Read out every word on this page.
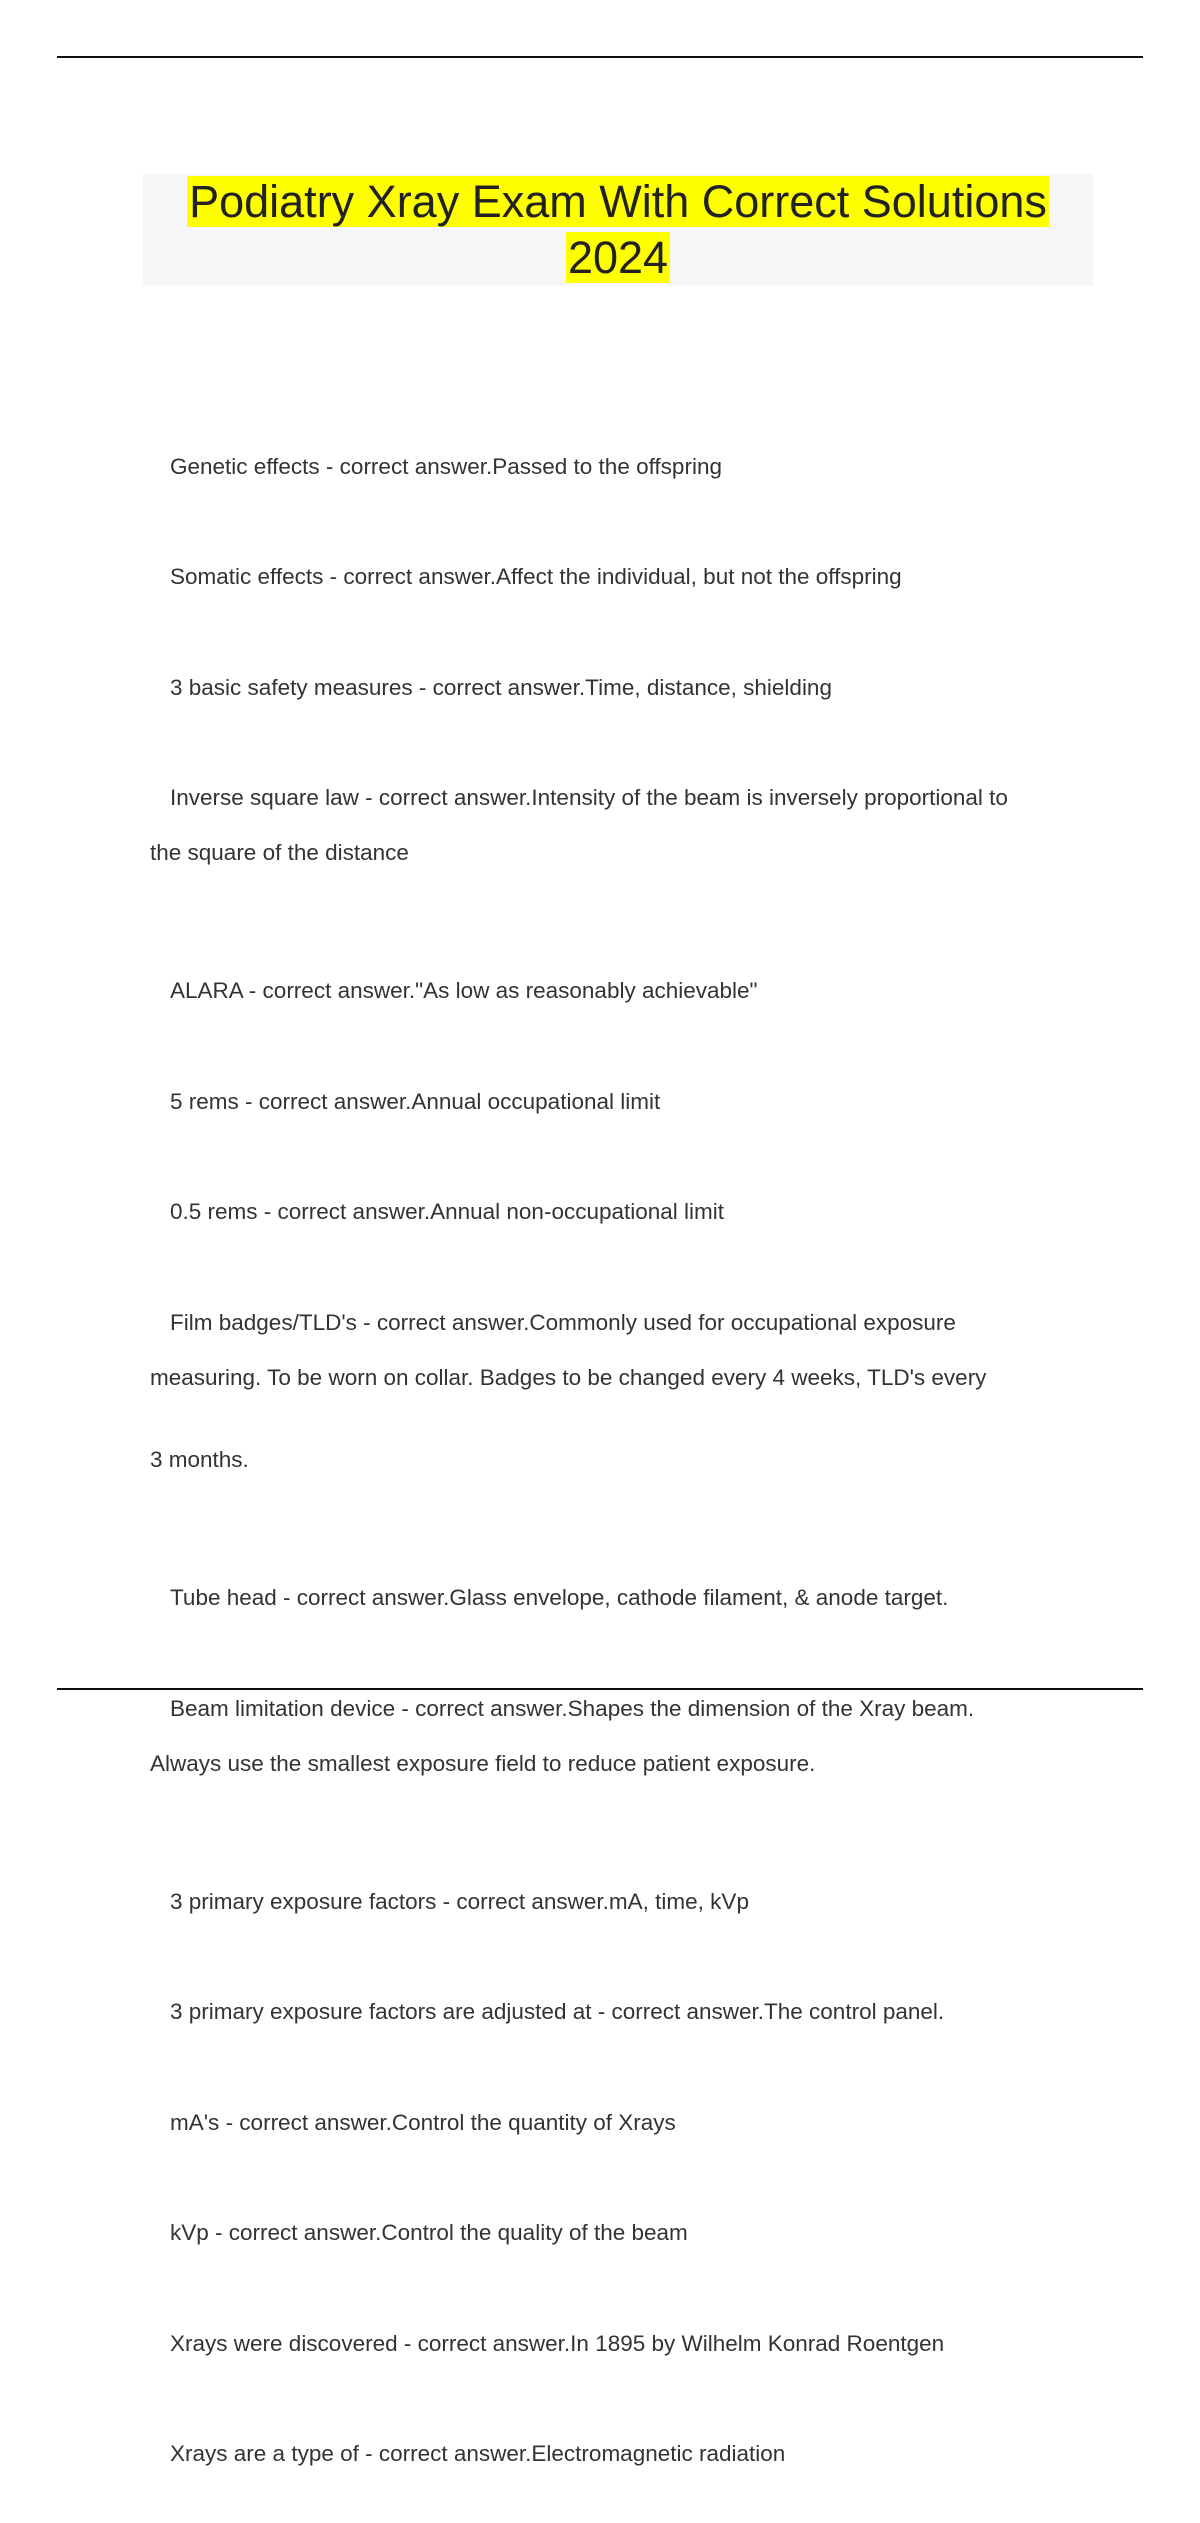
Podiatry Xray Exam With Correct Solutions
2024

Genetic effects - correct answer.Passed to the offspring

Somatic effects - correct answer.Affect the individual, but not the offspring

3 basic safety measures - correct answer.Time, distance, shielding

Inverse square law - correct answer.Intensity of the beam is inversely proportional to

the square of the distance

ALARA - correct answer."As low as reasonably achievable"

5 rems - correct answer.Annual occupational limit

0.5 rems - correct answer.Annual non-occupational limit

Film badges/TLD's - correct answer.Commonly used for occupational exposure

measuring. To be worn on collar. Badges to be changed every 4 weeks, TLD's every

3 months.

Tube head - correct answer.Glass envelope, cathode filament, & anode target.

Beam limitation device - correct answer.Shapes the dimension of the Xray beam.

Always use the smallest exposure field to reduce patient exposure.

3 primary exposure factors - correct answer.mA, time, kVp

3 primary exposure factors are adjusted at - correct answer.The control panel.

mA's - correct answer.Control the quantity of Xrays

kVp - correct answer.Control the quality of the beam

Xrays were discovered - correct answer.In 1895 by Wilhelm Konrad Roentgen

Xrays are a type of - correct answer.Electromagnetic radiation
